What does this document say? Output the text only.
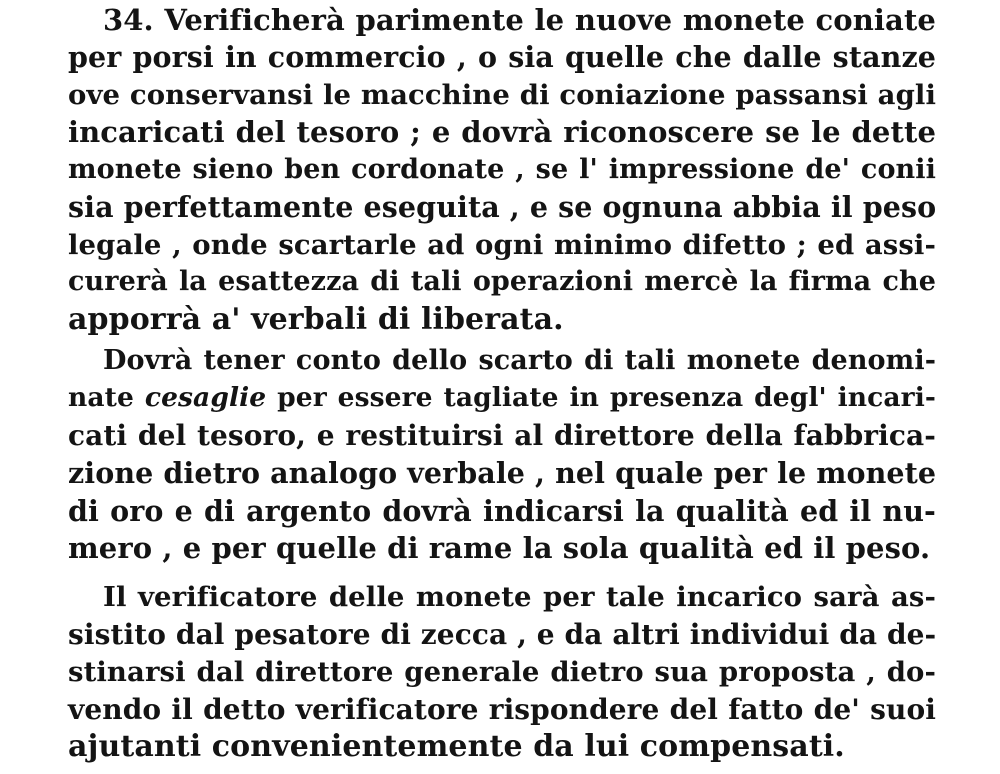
34. Verificherà parimente le nuove monete coniate
per porsi in commercio , o sia quelle che dalle stanze
ove conservansi le macchine di coniazione passansi agli
incaricati del tesoro ; e dovrà riconoscere se le dette
monete sieno ben cordonate , se l' impressione de' conii
sia perfettamente eseguita , e se ognuna abbia il peso
legale , onde scartarle ad ogni minimo difetto ; ed assi-
curerà la esattezza di tali operazioni mercè la firma che
apporrà a' verbali di liberata.
Dovrà tener conto dello scarto di tali monete denomi-
nate cesaglie per essere tagliate in presenza degl' incari-
cati del tesoro, e restituirsi al direttore della fabbrica-
zione dietro analogo verbale , nel quale per le monete
di oro e di argento dovrà indicarsi la qualità ed il nu-
mero , e per quelle di rame la sola qualità ed il peso.
Il verificatore delle monete per tale incarico sarà as-
sistito dal pesatore di zecca , e da altri individui da de-
stinarsi dal direttore generale dietro sua proposta , do-
vendo il detto verificatore rispondere del fatto de' suoi
ajutanti convenientemente da lui compensati.
